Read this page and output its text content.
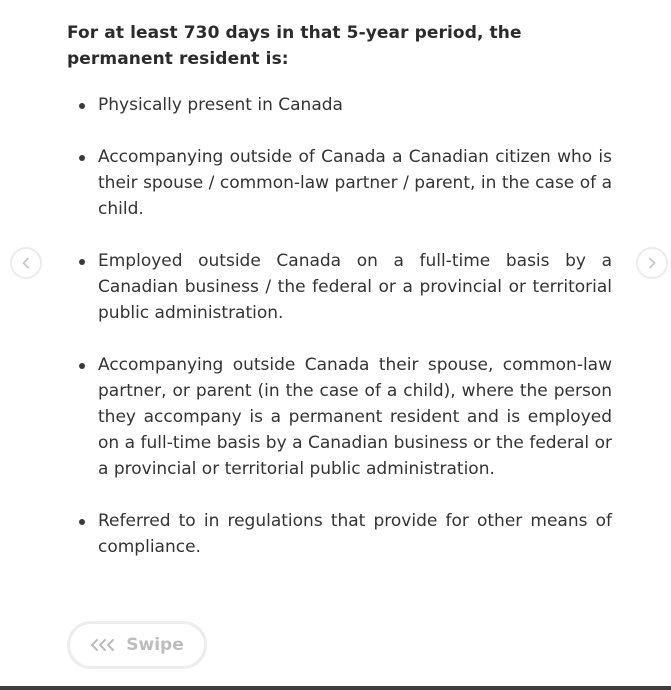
For at least 730 days in that 5-year period, the permanent resident is:
Physically present in Canada
Accompanying outside of Canada a Canadian citizen who is their spouse / common-law partner / parent, in the case of a child.
Employed outside Canada on a full-time basis by a Canadian business / the federal or a provincial or territorial public administration.
Accompanying outside Canada their spouse, common-law partner, or parent (in the case of a child), where the person they accompany is a permanent resident and is employed on a full-time basis by a Canadian business or the federal or a provincial or territorial public administration.
Referred to in regulations that provide for other means of compliance.
Swipe
